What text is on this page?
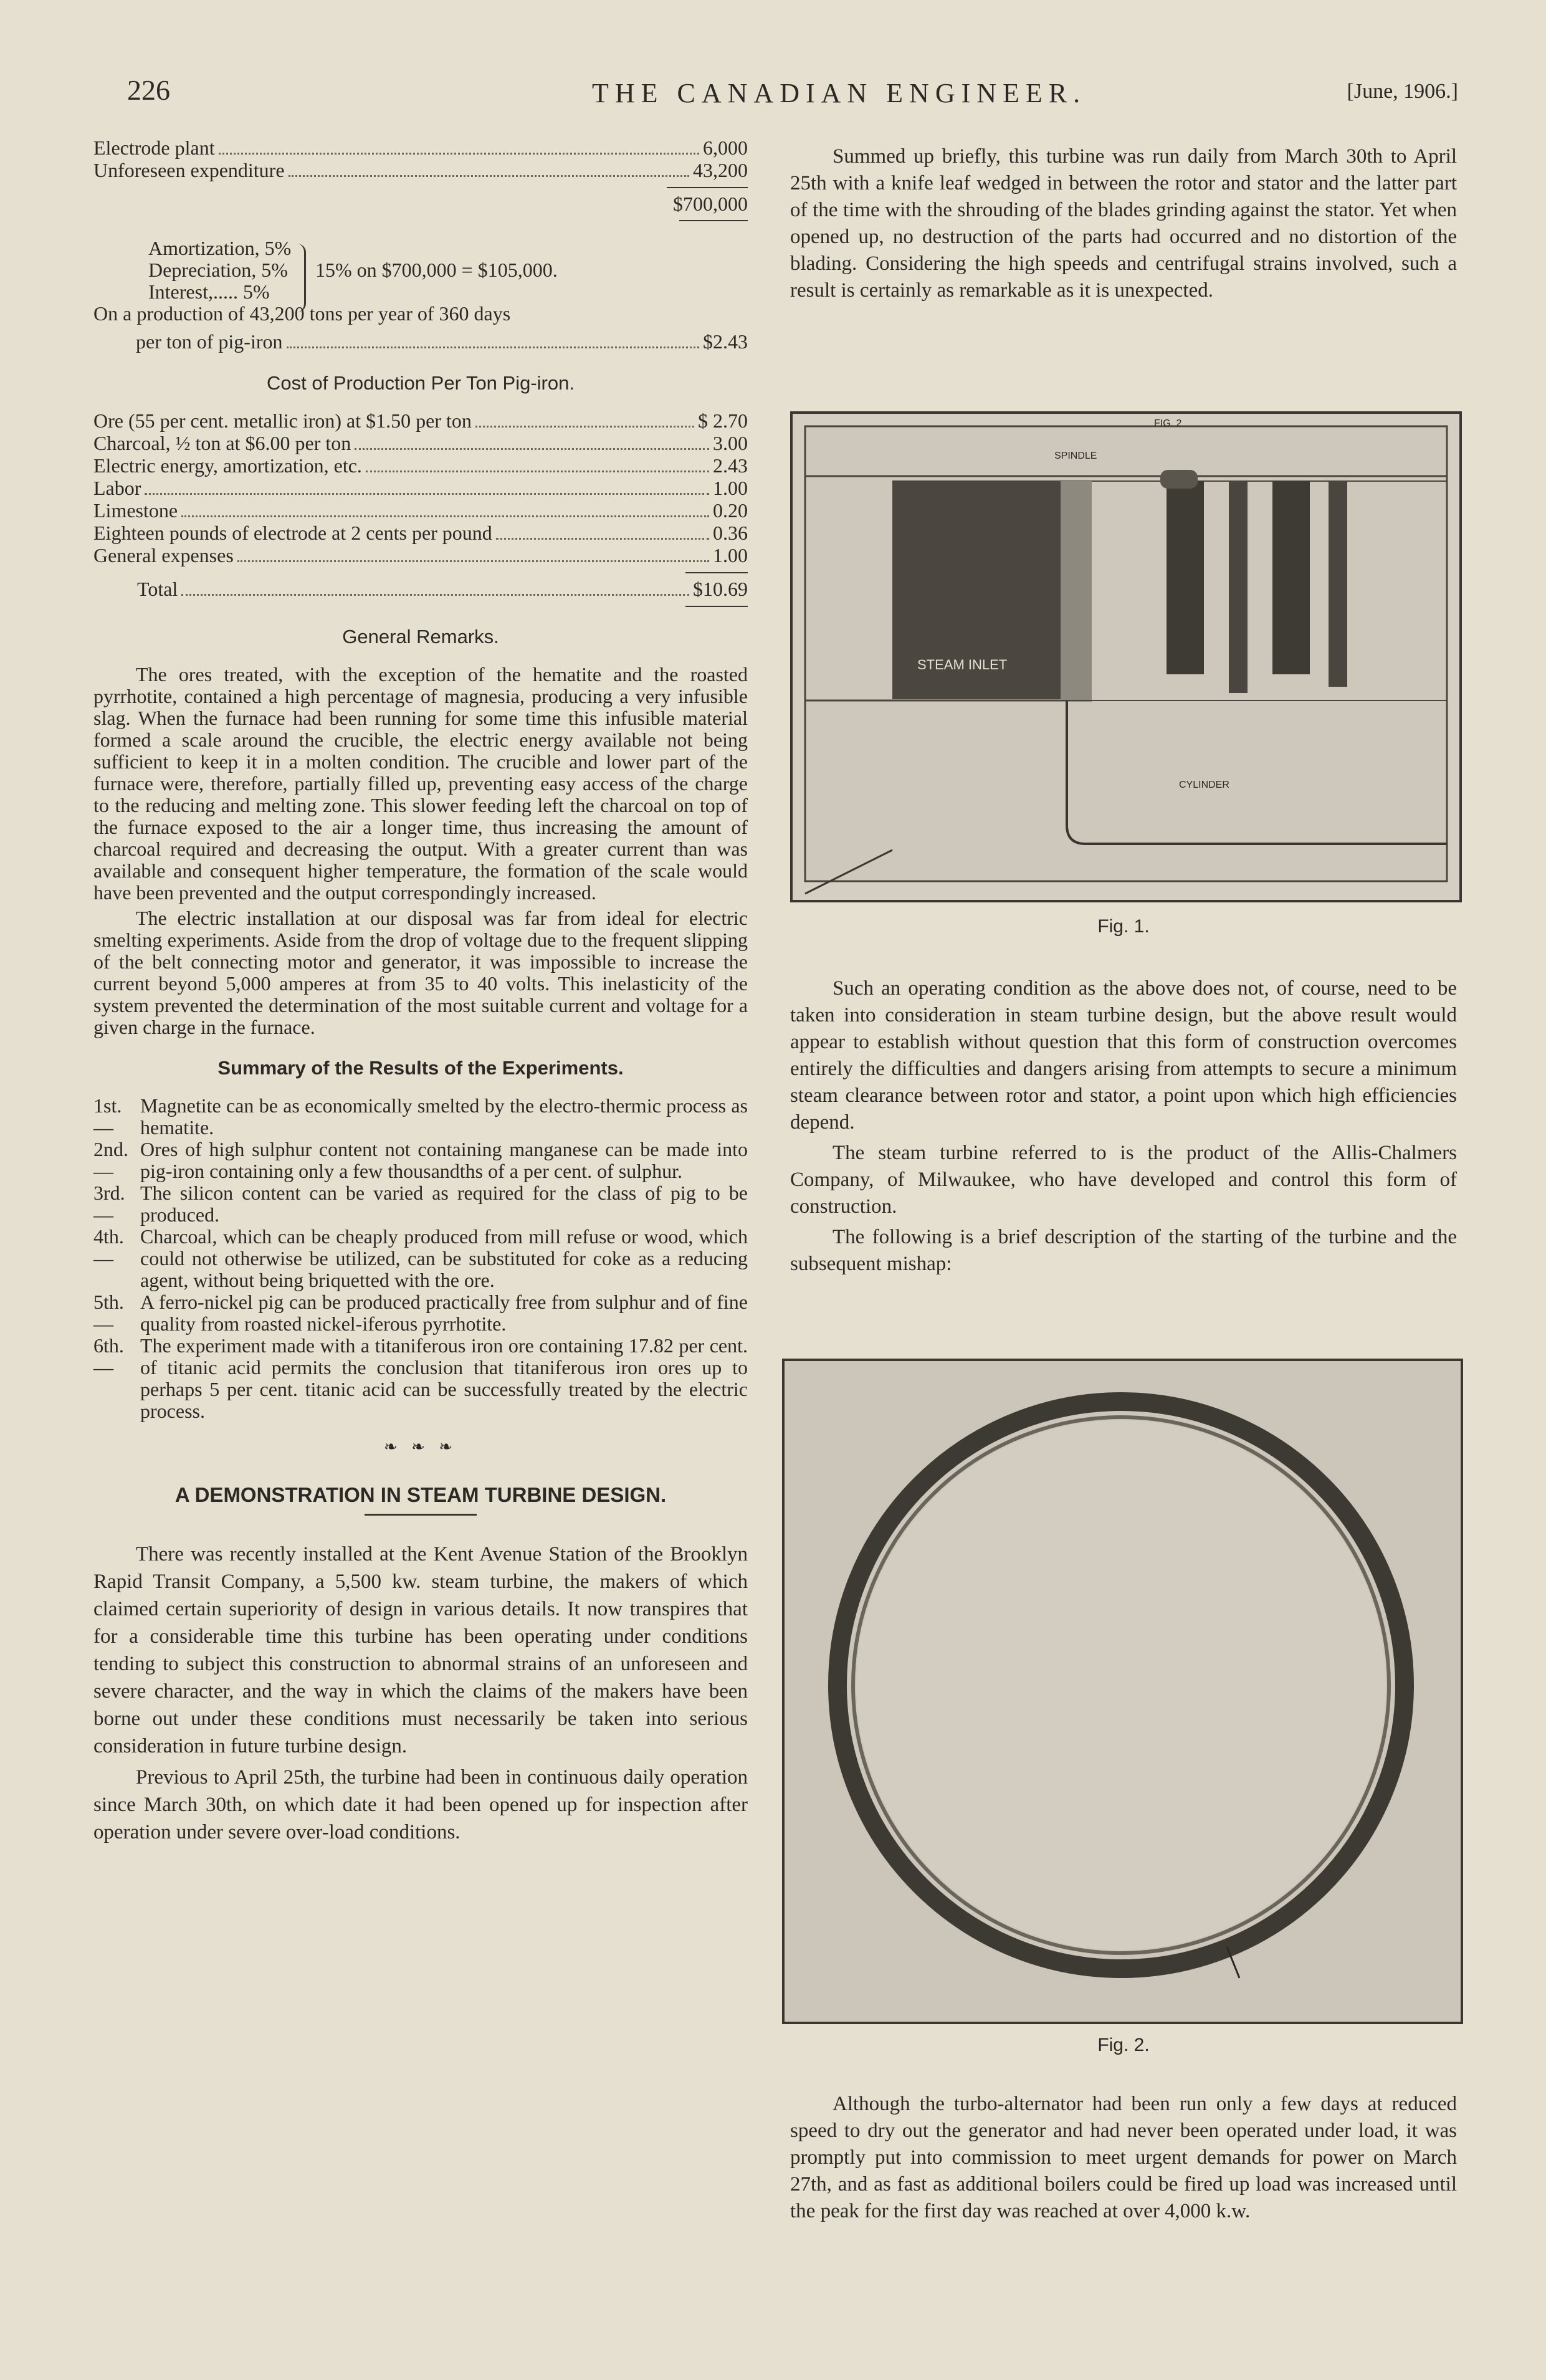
226	THE CANADIAN ENGINEER.	[June, 1906.]
Electrode plant	6,000
Unforeseen expenditure	43,200
$700,000
Amortization, 5%
Depreciation, 5%
Interest,..... 5%
15% on $700,000 = $105,000.
On a production of 43,200 tons per year of 360 days
per ton of pig-iron	$2.43
Cost of Production Per Ton Pig-iron.
Ore (55 per cent. metallic iron) at $1.50 per ton	$ 2.70
Charcoal, ½ ton at $6.00 per ton	3.00
Electric energy, amortization, etc.	2.43
Labor	1.00
Limestone	0.20
Eighteen pounds of electrode at 2 cents per pound	0.36
General expenses	1.00
Total	$10.69
General Remarks.

The ores treated, with the exception of the hematite and the roasted pyrrhotite, contained a high percentage of magnesia, producing a very infusible slag. When the furnace had been running for some time this infusible material formed a scale around the crucible, the electric energy available not being sufficient to keep it in a molten condition. The crucible and lower part of the furnace were, therefore, partially filled up, preventing easy access of the charge to the reducing and melting zone. This slower feeding left the charcoal on top of the furnace exposed to the air a longer time, thus increasing the amount of charcoal required and decreasing the output. With a greater current than was available and consequent higher temperature, the formation of the scale would have been prevented and the output correspondingly increased.

The electric installation at our disposal was far from ideal for electric smelting experiments. Aside from the drop of voltage due to the frequent slipping of the belt connecting motor and generator, it was impossible to increase the current beyond 5,000 amperes at from 35 to 40 volts. This inelasticity of the system prevented the determination of the most suitable current and voltage for a given charge in the furnace.

Summary of the Results of the Experiments.
1st.—
Magnetite can be as economically smelted by the electro-thermic process as hematite.
2nd.—
Ores of high sulphur content not containing manganese can be made into pig-iron containing only a few thousandths of a per cent. of sulphur.
3rd.—
The silicon content can be varied as required for the class of pig to be produced.
4th.—
Charcoal, which can be cheaply produced from mill refuse or wood, which could not otherwise be utilized, can be substituted for coke as a reducing agent, without being briquetted with the ore.
5th.—
A ferro-nickel pig can be produced practically free from sulphur and of fine quality from roasted nickel-iferous pyrrhotite.
6th.—
The experiment made with a titaniferous iron ore containing 17.82 per cent. of titanic acid permits the conclusion that titaniferous iron ores up to perhaps 5 per cent. titanic acid can be successfully treated by the electric process.
❧ ❧ ❧
A DEMONSTRATION IN STEAM TURBINE DESIGN.

There was recently installed at the Kent Avenue Station of the Brooklyn Rapid Transit Company, a 5,500 kw. steam turbine, the makers of which claimed certain superiority of design in various details. It now transpires that for a considerable time this turbine has been operating under conditions tending to subject this construction to abnormal strains of an unforeseen and severe character, and the way in which the claims of the makers have been borne out under these conditions must necessarily be taken into serious consideration in future turbine design.

Previous to April 25th, the turbine had been in continuous daily operation since March 30th, on which date it had been opened up for inspection after operation under severe over-load conditions.

Summed up briefly, this turbine was run daily from March 30th to April 25th with a knife leaf wedged in between the rotor and stator and the latter part of the time with the shrouding of the blades grinding against the stator. Yet when opened up, no destruction of the parts had occurred and no distortion of the blading. Considering the high speeds and centrifugal strains involved, such a result is certainly as remarkable as it is unexpected.

FIG. 2
SPINDLE
STEAM INLET
CYLINDER
Fig. 1.

Such an operating condition as the above does not, of course, need to be taken into consideration in steam turbine design, but the above result would appear to establish without question that this form of construction overcomes entirely the difficulties and dangers arising from attempts to secure a minimum steam clearance between rotor and stator, a point upon which high efficiencies depend.

The steam turbine referred to is the product of the Allis-Chalmers Company, of Milwaukee, who have developed and control this form of construction.

The following is a brief description of the starting of the turbine and the subsequent mishap:

Fig. 2.

Although the turbo-alternator had been run only a few days at reduced speed to dry out the generator and had never been operated under load, it was promptly put into commission to meet urgent demands for power on March 27th, and as fast as additional boilers could be fired up load was increased until the peak for the first day was reached at over 4,000 k.w.
